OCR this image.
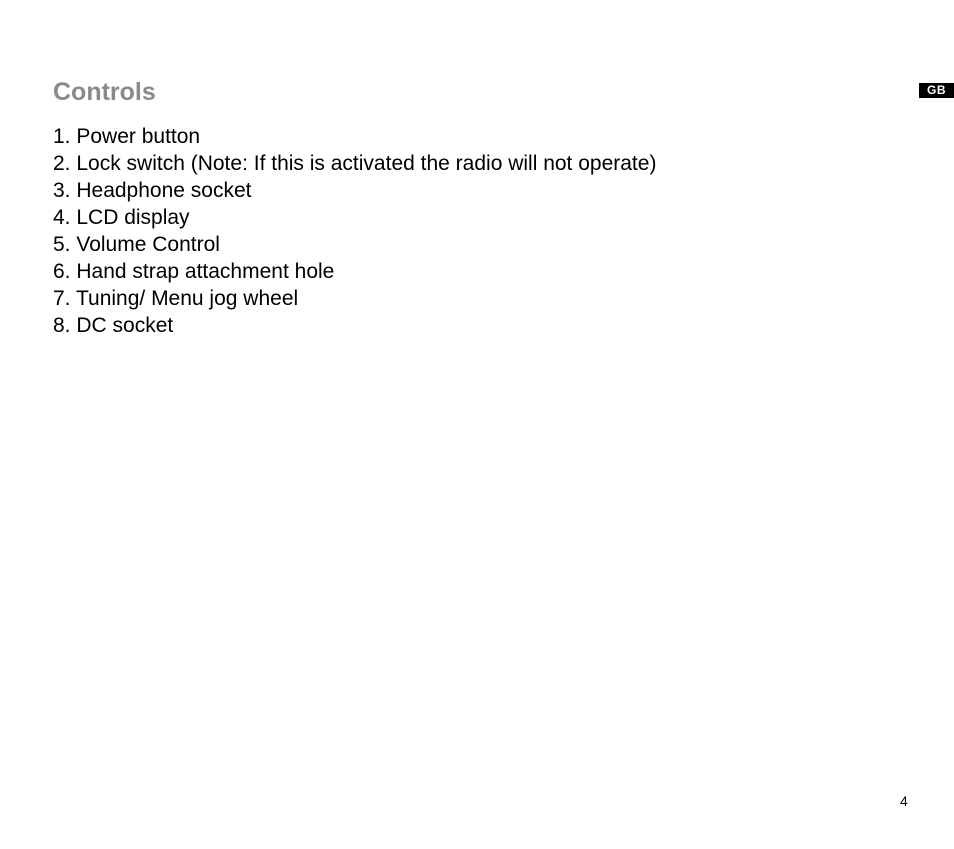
Controls	GB
1. Power button
2. Lock switch (Note: If this is activated the radio will not operate)
3. Headphone socket
4. LCD display
5. Volume Control
6. Hand strap attachment hole
7. Tuning/ Menu jog wheel
8. DC socket
4
